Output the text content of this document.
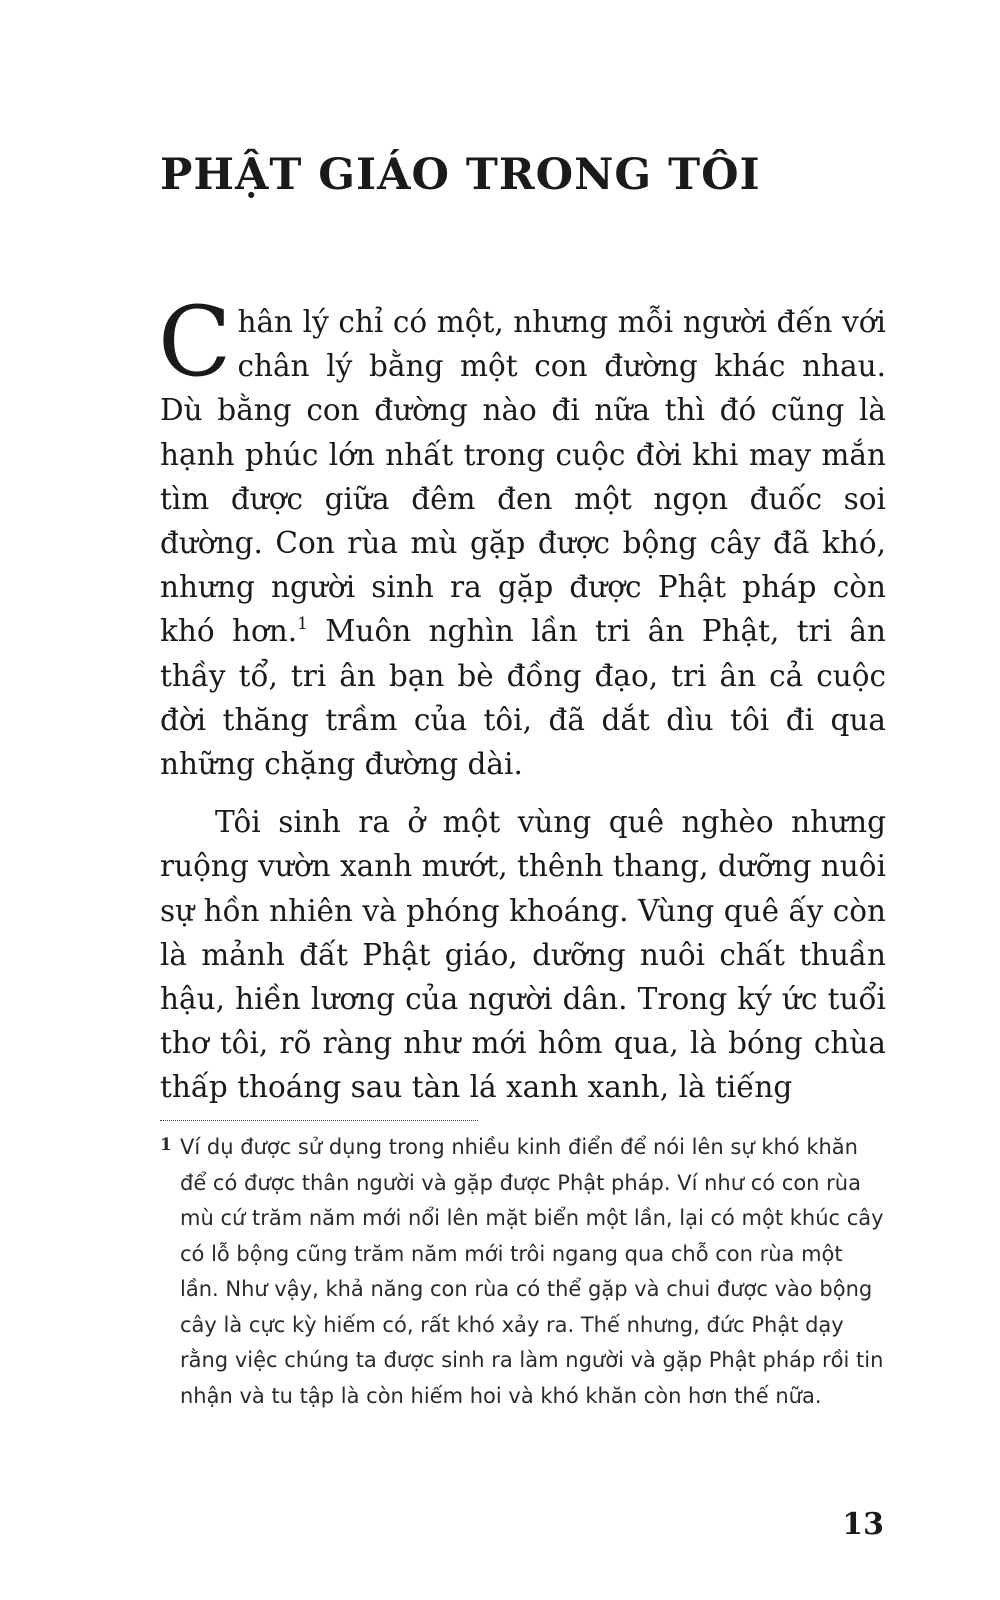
PHẬT GIÁO TRONG TÔI

Chân lý chỉ có một, nhưng mỗi người đến với chân lý bằng một con đường khác nhau. Dù bằng con đường nào đi nữa thì đó cũng là hạnh phúc lớn nhất trong cuộc đời khi may mắn tìm được giữa đêm đen một ngọn đuốc soi đường. Con rùa mù gặp được bộng cây đã khó, nhưng người sinh ra gặp được Phật pháp còn khó hơn.$^1$ Muôn nghìn lần tri ân Phật, tri ân thầy tổ, tri ân bạn bè đồng đạo, tri ân cả cuộc đời thăng trầm của tôi, đã dắt dìu tôi đi qua những chặng đường dài.

Tôi sinh ra ở một vùng quê nghèo nhưng ruộng vườn xanh mướt, thênh thang, dưỡng nuôi sự hồn nhiên và phóng khoáng. Vùng quê ấy còn là mảnh đất Phật giáo, dưỡng nuôi chất thuần hậu, hiền lương của người dân. Trong ký ức tuổi thơ tôi, rõ ràng như mới hôm qua, là bóng chùa thấp thoáng sau tàn lá xanh xanh, là tiếng

1 Ví dụ được sử dụng trong nhiều kinh điển để nói lên sự khó khăn để có được thân người và gặp được Phật pháp. Ví như có con rùa mù cứ trăm năm mới nổi lên mặt biển một lần, lại có một khúc cây có lỗ bộng cũng trăm năm mới trôi ngang qua chỗ con rùa một lần. Như vậy, khả năng con rùa có thể gặp và chui được vào bộng cây là cực kỳ hiếm có, rất khó xảy ra. Thế nhưng, đức Phật dạy rằng việc chúng ta được sinh ra làm người và gặp Phật pháp rồi tin nhận và tu tập là còn hiếm hoi và khó khăn còn hơn thế nữa.
13
